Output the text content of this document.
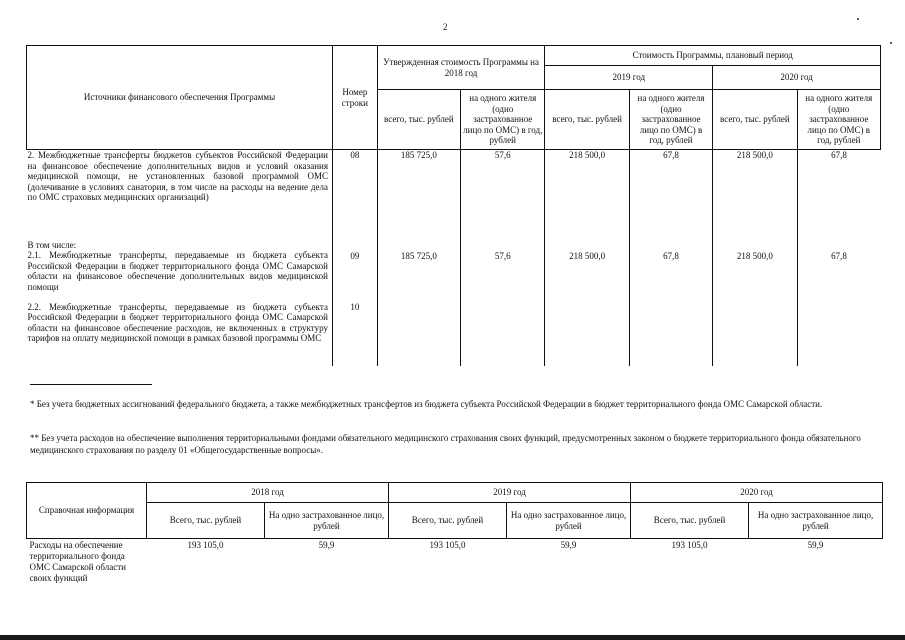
2
Источники финансового обеспечения Программы	Номер строки	Утвержденная стоимость Программы на 2018 год		Стоимость Программы, плановый период			
				2019 год		2020 год	
		всего, тыс. рублей	на одного жителя (одно застрахованное лицо по ОМС) в год, рублей	всего, тыс. рублей	на одного жителя (одно застрахованное лицо по ОМС) в год, рублей	всего, тыс. рублей	на одного жителя (одно застрахованное лицо по ОМС) в год, рублей
2. Межбюджетные трансферты бюджетов субъектов Российской Федерации на финансовое обеспечение дополнительных видов и условий оказания медицинской помощи, не установленных базовой программой ОМС (долечивание в условиях санатория, в том числе на расходы на ведение дела по ОМС страховых медицинских организаций)	08	185 725,0	57,6	218 500,0	67,8	218 500,0	67,8

В том числе:
2.1. Межбюджетные трансферты, передаваемые из бюджета субъекта Российской Федерации в бюджет территориального фонда ОМС Самарской области на финансовое обеспечение дополнительных видов медицинской помощи	09	185 725,0	57,6	218 500,0	67,8	218 500,0	67,8
2.2. Межбюджетные трансферты, передаваемые из бюджета субъекта Российской Федерации в бюджет территориального фонда ОМС Самарской области на финансовое обеспечение расходов, не включенных в структуру тарифов на оплату медицинской помощи в рамках базовой программы ОМС	10						
* Без учета бюджетных ассигнований федерального бюджета, а также межбюджетных трансфертов из бюджета субъекта Российской Федерации в бюджет территориального фонда ОМС Самарской области.
** Без учета расходов на обеспечение выполнения территориальными фондами обязательного медицинского страхования своих функций, предусмотренных законом о бюджете территориального фонда обязательного медицинского страхования по разделу 01 «Общегосударственные вопросы».
Справочная информация	2018 год		2019 год		2020 год	
	Всего, тыс. рублей	На одно застрахованное лицо, рублей	Всего, тыс. рублей	На одно застрахованное лицо, рублей	Всего, тыс. рублей	На одно застрахованное лицо, рублей
Расходы на обеспечение территориального фонда ОМС Самарской области своих функций	193 105,0	59,9	193 105,0	59,9	193 105,0	59,9
